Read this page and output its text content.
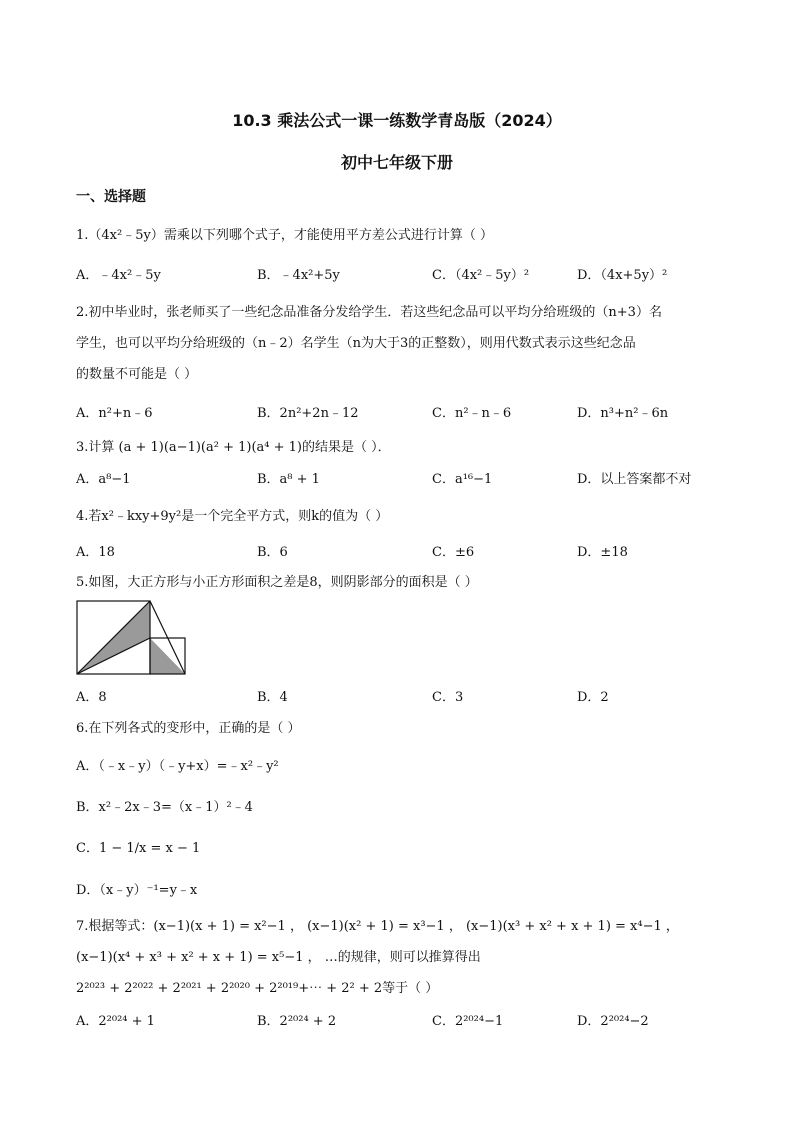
10.3 乘法公式一课一练数学青岛版（2024）
初中七年级下册
一、选择题
1.（4x²﹣5y）需乘以下列哪个式子，才能使用平方差公式进行计算（ ）
A．﹣4x²﹣5y	B．﹣4x²+5y	C．（4x²﹣5y）²	D．（4x+5y）²
2.初中毕业时，张老师买了一些纪念品准备分发给学生．若这些纪念品可以平均分给班级的（n+3）名
学生，也可以平均分给班级的（n﹣2）名学生（n为大于3的正整数），则用代数式表示这些纪念品
的数量不可能是（ ）
A．n²+n﹣6	B．2n²+2n﹣12	C．n²﹣n﹣6	D．n³+n²﹣6n
3.计算 (a + 1)(a−1)(a² + 1)(a⁴ + 1)的结果是（ ）．
A．a⁸−1	B．a⁸ + 1	C．a¹⁶−1	D．以上答案都不对
4.若x²﹣kxy+9y²是一个完全平方式，则k的值为（ ）
A．18	B．6	C．±6	D．±18
5.如图，大正方形与小正方形面积之差是8，则阴影部分的面积是（ ）
A．8	B．4	C．3	D．2
6.在下列各式的变形中，正确的是（ ）
A．（﹣x﹣y）（﹣y+x）=﹣x²﹣y²
B．x²﹣2x﹣3=（x﹣1）²﹣4
C．1 − 1/x = x − 1
D．（x﹣y）⁻¹=y﹣x
7.根据等式：(x−1)(x + 1) = x²−1 ， (x−1)(x² + 1) = x³−1 ， (x−1)(x³ + x² + x + 1) = x⁴−1 ，
(x−1)(x⁴ + x³ + x² + x + 1) = x⁵−1 ， …的规律，则可以推算得出
2²⁰²³ + 2²⁰²² + 2²⁰²¹ + 2²⁰²⁰ + 2²⁰¹⁹+⋯ + 2² + 2等于（ ）
A．2²⁰²⁴ + 1	B．2²⁰²⁴ + 2	C．2²⁰²⁴−1	D．2²⁰²⁴−2
